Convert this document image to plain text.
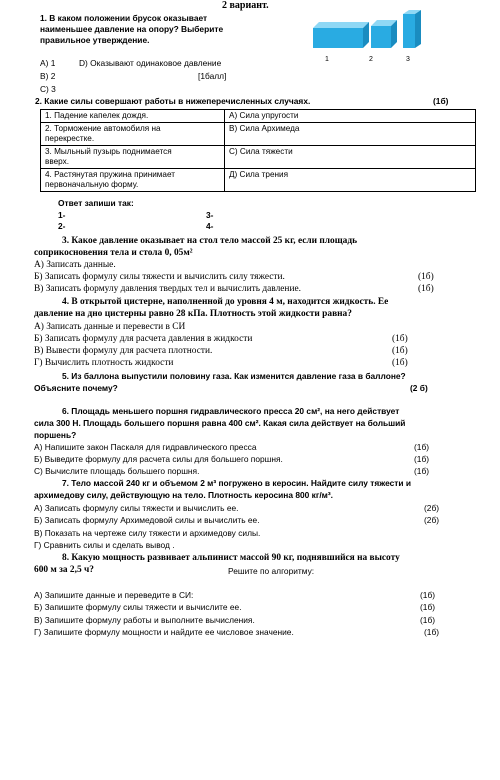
2 вариант.
1. В каком положении брусок оказывает
наименьшее давление на опору? Выберите
правильное утверждение.
1	2	3
А) 1	D) Оказывают одинаковое давление
В) 2	[1балл]
С) 3
2. Какие силы совершают работы в нижеперечисленных случаях.	(1б)
1. Падение капелек дождя.	А) Сила упругости
2. Торможение автомобиля на
перекрестке.	В) Сила Архимеда
3. Мыльный пузырь поднимается
вверх.	С) Сила тяжести
4. Растянутая пружина принимает
первоначальную форму.	Д) Сила трения
Ответ запиши так:
1-	3-
2-	4-
3. Какое давление оказывает на стол тело массой 25 кг, если площадь
соприкосновения тела и стола 0, 05м²
А) Записать данные.
Б) Записать формулу силы тяжести и вычислить силу тяжести.	(1б)
В) Записать формулу давления твердых тел и вычислить давление.	(1б)
4. В открытой цистерне, наполненной до уровня 4 м, находится жидкость. Ее
давление на дно цистерны равно 28 кПа. Плотность этой жидкости равна?
А) Записать данные и перевести в СИ
Б) Записать формулу для расчета давления в жидкости	(1б)
В) Вывести формулу для расчета плотности.	(1б)
Г) Вычислить плотность жидкости	(1б)
5. Из баллона выпустили половину газа. Как изменится давление газа в баллоне?
Объясните почему?	(2 б)
6. Площадь меньшего поршня гидравлического пресса 20 см², на него действует
сила 300 Н. Площадь большего поршня равна 400 см². Какая сила действует на больший
поршень?
А) Напишите закон Паскаля для гидравлического пресса	(1б)
Б) Выведите формулу для расчета силы для большего поршня.	(1б)
С) Вычислите площадь большего поршня.	(1б)
7. Тело массой 240 кг и объемом 2 м³ погружено в керосин. Найдите силу тяжести и
архимедову силу, действующую на тело. Плотность керосина 800 кг/м³.
А) Записать формулу силы тяжести и вычислить ее.	(2б)
Б) Записать формулу Архимедовой силы и вычислить ее.	(2б)
В) Показать на чертеже силу тяжести и архимедову силы.
Г) Сравнить силы и сделать вывод .
8. Какую мощность развивает альпинист массой 90 кг, поднявшийся на высоту
600 м за 2,5 ч?	Решите по алгоритму:
А) Запишите данные и переведите в СИ:	(1б)
Б) Запишите формулу силы тяжести и вычислите ее.	(1б)
В) Запишите формулу работы и выполните вычисления.	(1б)
Г) Запишите формулу мощности и найдите ее числовое значение.	(1б)
